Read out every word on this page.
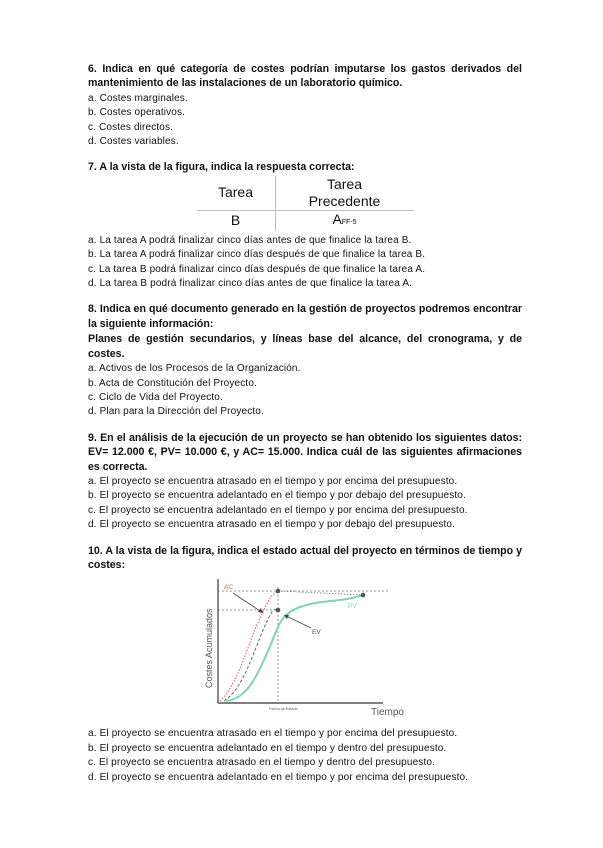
6. Indica en qué categoría de costes podrían imputarse los gastos derivados del mantenimiento de las instalaciones de un laboratorio químico.
a. Costes marginales.
b. Costes operativos.
c. Costes directos.
d. Costes variables.
7. A la vista de la figura, indica la respuesta correcta:
Tarea	Tarea Precedente
B	AFF-5
a. La tarea A podrá finalizar cinco días antes de que finalice la tarea B.
b. La tarea A podrá finalizar cinco días después de que finalice la tarea B.
c. La tarea B podrá finalizar cinco días después de que finalice la tarea A.
d. La tarea B podrá finalizar cinco días antes de que finalice la tarea A.
8. Indica en qué documento generado en la gestión de proyectos podremos encontrar la siguiente información:
Planes de gestión secundarios, y líneas base del alcance, del cronograma, y de costes.
a. Activos de los Procesos de la Organización.
b. Acta de Constitución del Proyecto.
c. Ciclo de Vida del Proyecto.
d. Plan para la Dirección del Proyecto.
9. En el análisis de la ejecución de un proyecto se han obtenido los siguientes datos: EV= 12.000 €, PV= 10.000 €, y AC= 15.000. Indica cuál de las siguientes afirmaciones es correcta.
a. El proyecto se encuentra atrasado en el tiempo y por encima del presupuesto.
b. El proyecto se encuentra adelantado en el tiempo y por debajo del presupuesto.
c. El proyecto se encuentra adelantado en el tiempo y por encima del presupuesto.
d. El proyecto se encuentra atrasado en el tiempo y por debajo del presupuesto.
10. A la vista de la figura, indica el estado actual del proyecto en términos de tiempo y costes:
AC
PV
EV
Fecha de Estado	Tiempo
Costes Acumulados
a. El proyecto se encuentra atrasado en el tiempo y por encima del presupuesto.
b. El proyecto se encuentra adelantado en el tiempo y dentro del presupuesto.
c. El proyecto se encuentra atrasado en el tiempo y dentro del presupuesto.
d. El proyecto se encuentra adelantado en el tiempo y por encima del presupuesto.
